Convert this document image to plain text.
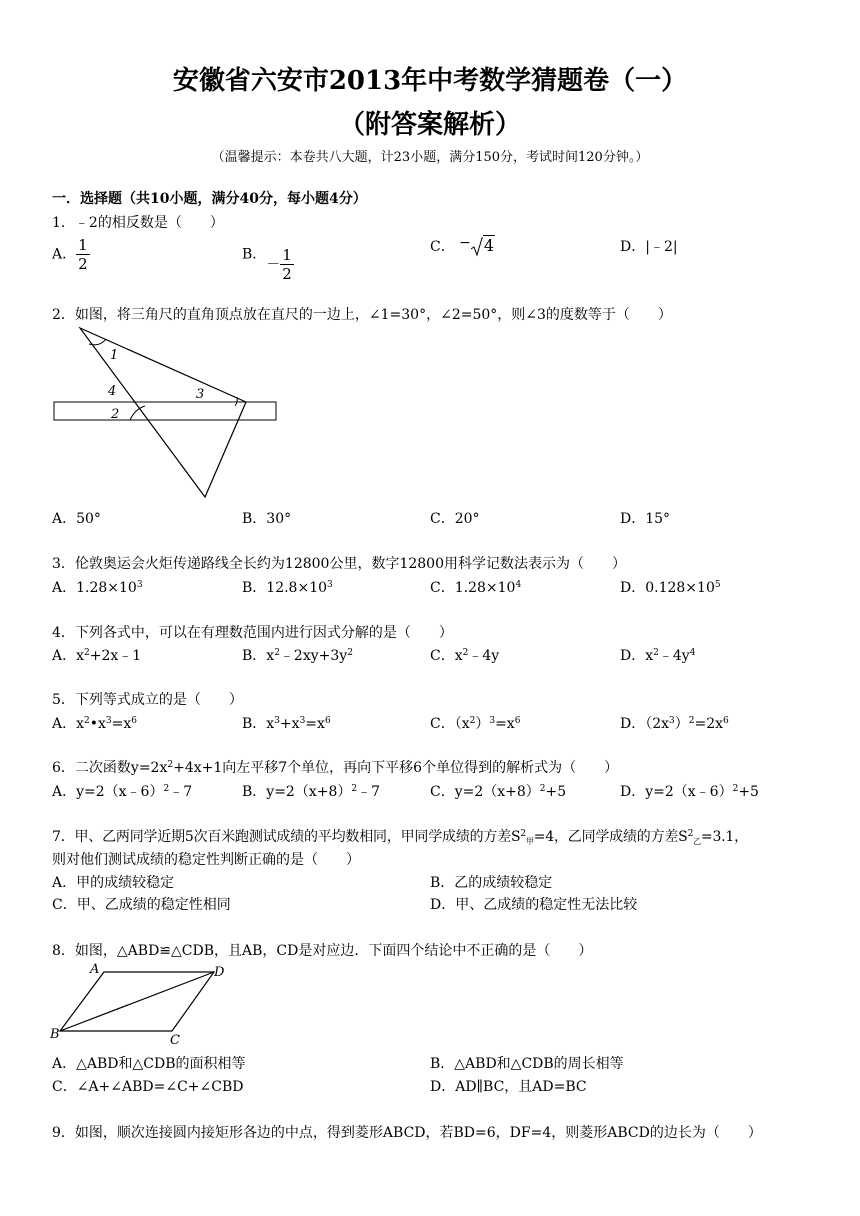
安徽省六安市2013年中考数学猜题卷（一）
（附答案解析）
（温馨提示：本卷共八大题，计23小题，满分150分，考试时间120分钟。）
一．选择题（共10小题，满分40分，每小题4分）
1．﹣2的相反数是（　　）
A． $\frac{1}{2}$	B．－ $\frac{1}{2}$	C． − 4	D．|﹣2|
2．如图，将三角尺的直角顶点放在直尺的一边上，∠1=30°，∠2=50°，则∠3的度数等于（　　）
1
4
2
3
A．50°	B．30°	C．20°	D．15°
3．伦敦奥运会火炬传递路线全长约为12800公里，数字12800用科学记数法表示为（　　）
A．$1.28\times 10^3$	B．$12.8\times 10^3$	C．$1.28\times 10^4$	D．$0.128\times 10^5$
4．下列各式中，可以在有理数范围内进行因式分解的是（　　）
A．$x^2+2x﹣1$	B．$x^2﹣2xy+3y^2$	C．$x^2﹣4y$	D．$x^2﹣4y^4$
5．下列等式成立的是（　　）
A．$x^2•x^3=x^6$	B．$x^3+x^3=x^6$	C．$(x^2)^3=x^6$	D．$(2x^3)^2=2x^6$
6．二次函数$y=2x^2+4x+1$向左平移7个单位，再向下平移6个单位得到的解析式为（　　）
A．y=2（x﹣6）$^2$﹣7	B．$y=2(x+8)^2﹣7$	C．$y=2(x+8)^2+5$	D．y=2（x﹣6）$^2$+5
7．甲、乙两同学近期5次百米跑测试成绩的平均数相同，甲同学成绩的方差$S^2_甲=4$，乙同学成绩的方差$S^2_乙=3.1$，
则对他们测试成绩的稳定性判断正确的是（　　）
A．甲的成绩较稳定	B．乙的成绩较稳定
C．甲、乙成绩的稳定性相同	D．甲、乙成绩的稳定性无法比较
8．如图，△ABD≌△CDB，且AB，CD是对应边．下面四个结论中不正确的是（　　）
A	D
B	C
A．△ABD和△CDB的面积相等	B．△ABD和△CDB的周长相等
C．∠A+∠ABD=∠C+∠CBD	D．AD∥BC，且AD=BC
9．如图，顺次连接圆内接矩形各边的中点，得到菱形ABCD，若BD=6，DF=4，则菱形ABCD的边长为（　　）
